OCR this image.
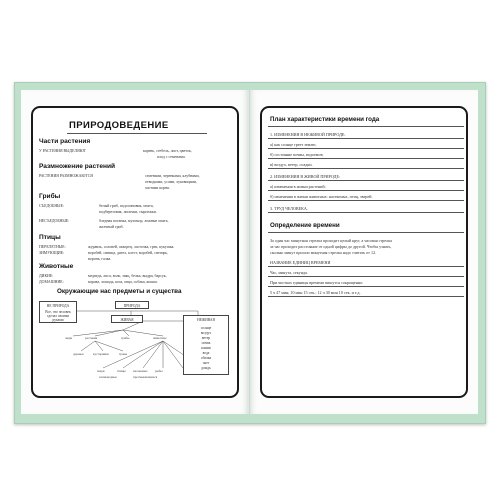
ПРИРОДОВЕДЕНИЕ
Части растения
У РАСТЕНИЯ ВЫДЕЛЯЮТ	корень, стебель, лист, цветок,
плод с семенами.
Размножение растений
РАСТЕНИЯ РАЗМНОЖАЮТСЯ	семенами, черенками, клубнями,
отводками, усами, луковицами,
частями корня.
Грибы
СЪЕДОБНЫЕ:	белый гриб, подосиновик, опята,
подберезовик, лисички, сыроежки.
НЕСЪЕДОБНЫЕ:	бледная поганка, мухомор, ложные опята,
желчный гриб.
Птицы
ПЕРЕЛЕТНЫЕ:	журавль, соловей, скворец, ласточка, грач, кукушка.
ЗИМУЮЩИЕ:	воробей, синица, дятел, клест, воробей, снегирь,
ворона, галка.
Животные
ДИКИЕ:	медведь, лиса, волк, заяц, белка, выдра, барсук,
ДОМАШНИЕ:	корова, лошадь, коза, овца, собака, кошка.
Окружающие нас предметы и существа
ПРИРОДА
НЕ ПРИРОДА
Все, что человек сделал своими руками	ЖИВАЯ	НЕЖИВАЯ
солнце
воздух
ветер
почва
камни
вода
облака
снег
дождь
люди	растения	грибы	животные
деревья	кустарники	травы
звери	птицы насекомые рыбы
земноводные	пресмыкающиеся
План характеристики времени года
1. ИЗМЕНЕНИЯ В НЕЖИВОЙ ПРИРОДЕ:
а) как солнце греет землю;
б) состояние почвы, водоемов;
в) воздух, ветер, осадки.
2. ИЗМЕНЕНИЯ В ЖИВОЙ ПРИРОДЕ:
а) изменения в жизни растений;
б) изменения в жизни животных: насекомых, птиц, зверей.
3. ТРУД ЧЕЛОВЕКА.
Определение времени
За один час минутная стрелка проходит целый круг, а часовая стрелка
за час проходит расстояние от одной цифры до другой. Чтобы узнать,
сколько минут прошло минутная стрелка надо считать от 12.
НАЗВАНИЕ ЕДИНИЦ ВРЕМЕНИ
Час, минута, секунда.
При чистках единицы времени пишутся сокращенно:
5 ч 47 мин; 10 мин 15 сек.; 12 ч 30 мин 10 сек. и т.д.
